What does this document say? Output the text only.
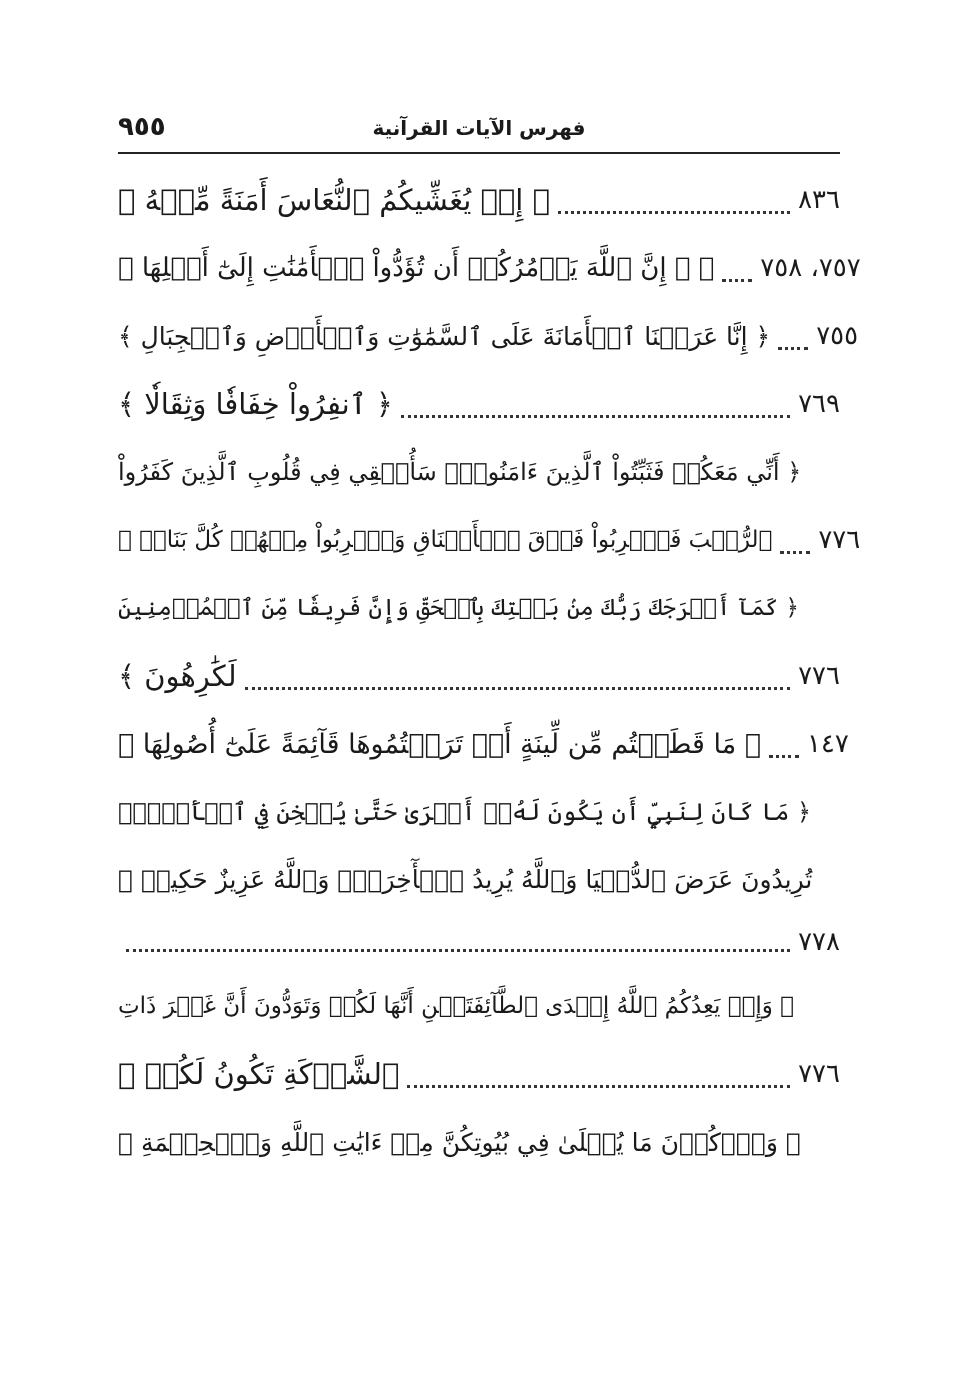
فهرس الآيات القرآنية
٩٥٥
﴿ إِذۡ يُغَشِّيكُمُ ٱلنُّعَاسَ أَمَنَةً مِّنۡهُ ﴾	٨٣٦
﴿ ۞ إِنَّ ٱللَّهَ يَأۡمُرُكُمۡ أَن تُؤَدُّواْ ٱلۡأَمَٰنَٰتِ إِلَىٰٓ أَهۡلِهَا ﴾ ٧٥٧، ٧٥٨
﴿ إِنَّا عَرَضۡنَا ٱلۡأَمَانَةَ عَلَى ٱلسَّمَٰوَٰتِ وَٱلۡأَرۡضِ وَٱلۡجِبَالِ ﴾ ٧٥٥
﴿ ٱنفِرُواْ خِفَافٗا وَثِقَالٗا ﴾	٧٦٩
﴿ أَنِّي مَعَكُمۡ فَثَبِّتُواْ ٱلَّذِينَ ءَامَنُواْۚ سَأُلۡقِي فِي قُلُوبِ ٱلَّذِينَ كَفَرُواْ
ٱلرُّعۡبَ فَٱضۡرِبُواْ فَوۡقَ ٱلۡأَعۡنَاقِ وَٱضۡرِبُواْ مِنۡهُمۡ كُلَّ بَنَانٖ ﴾ ٧٧٦
﴿ كَمَآ أَخۡرَجَكَ رَبُّكَ مِنۢ بَيۡتِكَ بِٱلۡحَقِّ وَإِنَّ فَرِيقٗا مِّنَ ٱلۡمُؤۡمِنِينَ
لَكَٰرِهُونَ ﴾	٧٧٦
﴿ مَا قَطَعۡتُم مِّن لِّينَةٍ أَوۡ تَرَكۡتُمُوهَا قَآئِمَةً عَلَىٰٓ أُصُولِهَا ﴾ ١٤٧
﴿ مَا كَانَ لِنَبِيٍّ أَن يَكُونَ لَهُۥٓ أَسۡرَىٰ حَتَّىٰ يُثۡخِنَ فِي ٱلۡأَرۡضِۚ
تُرِيدُونَ عَرَضَ ٱلدُّنۡيَا وَٱللَّهُ يُرِيدُ ٱلۡأٓخِرَةَۗ وَٱللَّهُ عَزِيزٌ حَكِيمٞ ﴾
٧٧٨
﴿ وَإِذۡ يَعِدُكُمُ ٱللَّهُ إِحۡدَى ٱلطَّآئِفَتَيۡنِ أَنَّهَا لَكُمۡ وَتَوَدُّونَ أَنَّ غَيۡرَ ذَاتِ
ٱلشَّوۡكَةِ تَكُونُ لَكُمۡ ﴾	٧٧٦
﴿ وَٱذۡكُرۡنَ مَا يُتۡلَىٰ فِي بُيُوتِكُنَّ مِنۡ ءَايَٰتِ ٱللَّهِ وَٱلۡحِكۡمَةِ ﴾
